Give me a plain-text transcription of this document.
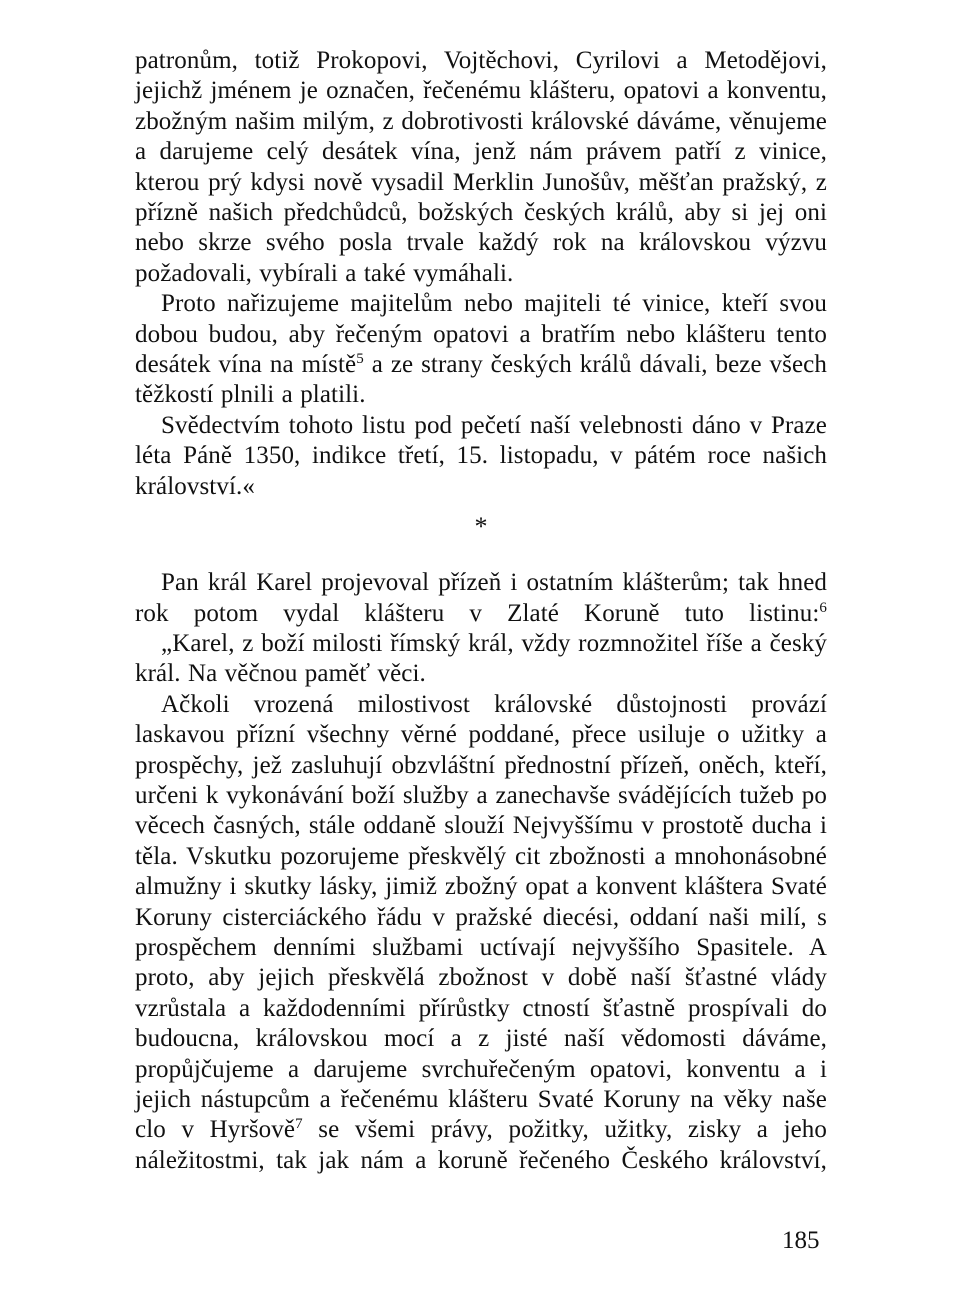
patronům, totiž Prokopovi, Vojtěchovi, Cyrilovi a Metodějovi, jejichž jménem je označen, řečenému klášteru, opatovi a konventu, zbožným našim milým, z dobrotivosti královské dáváme, věnujeme a darujeme celý desátek vína, jenž nám právem patří z vinice, kterou prý kdysi nově vysadil Merklin Junošův, měšťan pražský, z přízně našich předchůdců, božských českých králů, aby si jej oni nebo skrze svého posla trvale každý rok na královskou výzvu požadovali, vybírali a také vymáhali.

Proto nařizujeme majitelům nebo majiteli té vinice, kteří svou dobou budou, aby řečeným opatovi a bratřím nebo klášteru tento desátek vína na místě$^5$ a ze strany českých králů dávali, beze všech těžkostí plnili a platili.

Svědectvím tohoto listu pod pečetí naší velebnosti dáno v Praze léta Páně 1350, indikce třetí, 15. listopadu, v pátém roce našich království.«

*

Pan král Karel projevoval přízeň i ostatním klášterům; tak hned rok potom vydal klášteru v Zlaté Koruně tuto listinu:$^6$

„Karel, z boží milosti římský král, vždy rozmnožitel říše a český král. Na věčnou paměť věci.

Ačkoli vrozená milostivost královské důstojnosti provází laskavou přízní všechny věrné poddané, přece usiluje o užitky a prospěchy, jež zasluhují obzvláštní přednostní přízeň, oněch, kteří, určeni k vykonávání boží služby a zanechavše svádějících tužeb po věcech časných, stále oddaně slouží Nejvyššímu v prostotě ducha i těla. Vskutku pozorujeme přeskvělý cit zbožnosti a mnohonásobné almužny i skutky lásky, jimiž zbožný opat a konvent kláštera Svaté Koruny cisterciáckého řádu v pražské diecési, oddaní naši milí, s prospěchem denními službami uctívají nejvyššího Spasitele. A proto, aby jejich přeskvělá zbožnost v době naší šťastné vlády vzrůstala a každodenními přírůstky ctností šťastně prospívali do budoucna, královskou mocí a z jisté naší vědomosti dáváme, propůjčujeme a darujeme svrchuřečeným opatovi, konventu a i jejich nástupcům a řečenému klášteru Svaté Koruny na věky naše clo v Hyršově$^7$ se všemi právy, požitky, užitky, zisky a jeho náležitostmi, tak jak nám a koruně řečeného Českého království,

185
